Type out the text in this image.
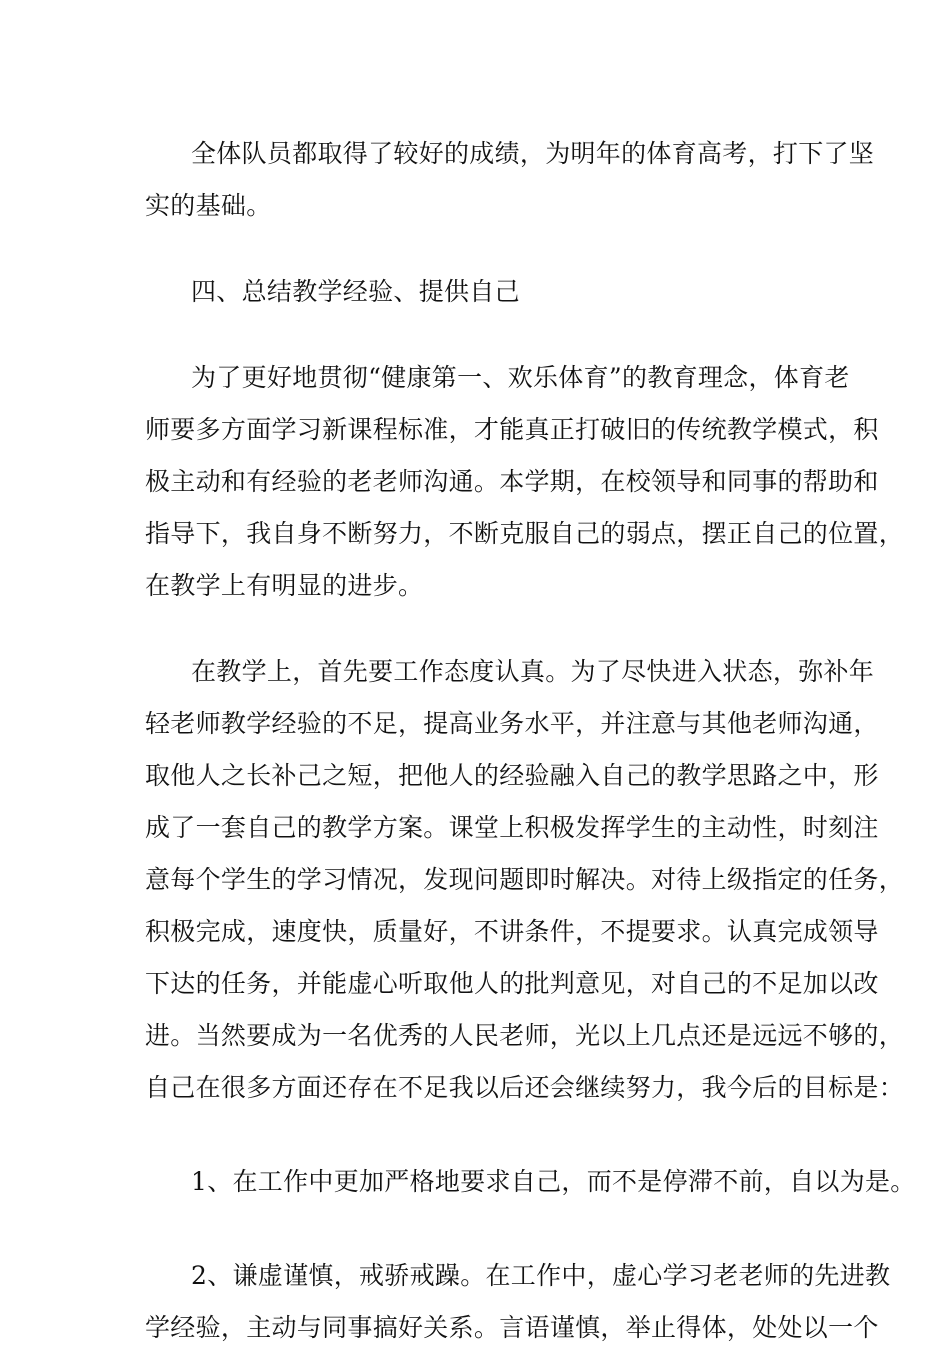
全体队员都取得了较好的成绩，为明年的体育高考，打下了坚
实的基础。
四、总结教学经验、提供自己
为了更好地贯彻“健康第一、欢乐体育”的教育理念，体育老
师要多方面学习新课程标准，才能真正打破旧的传统教学模式，积
极主动和有经验的老老师沟通。本学期，在校领导和同事的帮助和
指导下，我自身不断努力，不断克服自己的弱点，摆正自己的位置，
在教学上有明显的进步。
在教学上，首先要工作态度认真。为了尽快进入状态，弥补年
轻老师教学经验的不足，提高业务水平，并注意与其他老师沟通，
取他人之长补己之短，把他人的经验融入自己的教学思路之中，形
成了一套自己的教学方案。课堂上积极发挥学生的主动性，时刻注
意每个学生的学习情况，发现问题即时解决。对待上级指定的任务，
积极完成，速度快，质量好，不讲条件，不提要求。认真完成领导
下达的任务，并能虚心听取他人的批判意见，对自己的不足加以改
进。当然要成为一名优秀的人民老师，光以上几点还是远远不够的，
自己在很多方面还存在不足我以后还会继续努力，我今后的目标是：
1、在工作中更加严格地要求自己，而不是停滞不前，自以为是。
2、谦虚谨慎，戒骄戒躁。在工作中，虚心学习老老师的先进教
学经验，主动与同事搞好关系。言语谨慎，举止得体，处处以一个
